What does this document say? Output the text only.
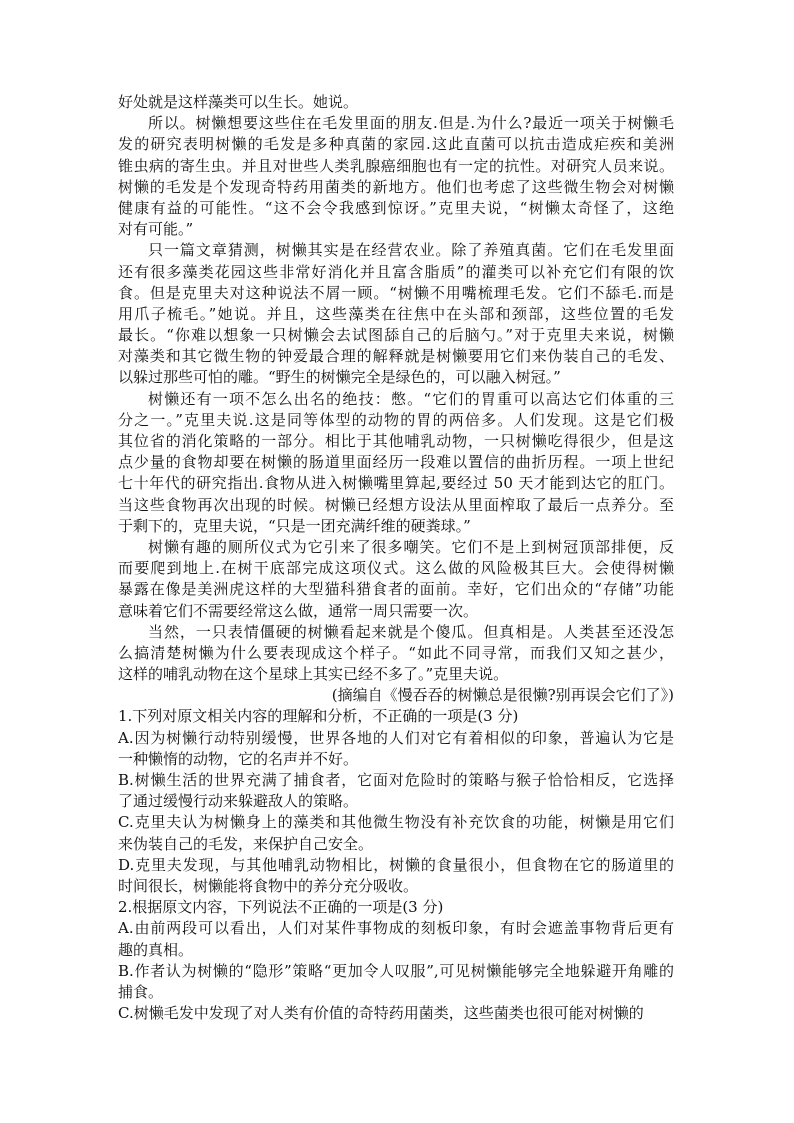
好处就是这样藻类可以生长。她说。
所以。树懒想要这些住在毛发里面的朋友.但是.为什么?最近一项关于树懒毛
发的研究表明树懒的毛发是多种真菌的家园.这此直菌可以抗击造成疟疾和美洲
锥虫病的寄生虫。并且对世些人类乳腺癌细胞也有一定的抗性。对研究人员来说。
树懒的毛发是个发现奇特药用菌类的新地方。他们也考虑了这些微生物会对树懒
健康有益的可能性。“这不会令我感到惊讶。”克里夫说，“树懒太奇怪了，这绝
对有可能。”
只一篇文章猜测，树懒其实是在经营农业。除了养殖真菌。它们在毛发里面
还有很多藻类花园这些非常好消化并且富含脂质”的灌类可以补充它们有限的饮
食。但是克里夫对这种说法不屑一顾。“树懒不用嘴梳理毛发。它们不舔毛.而是
用爪子梳毛。”她说。并且，这些藻类在往焦中在头部和颈部，这些位置的毛发
最长。“你难以想象一只树懒会去试图舔自己的后脑勺。”对于克里夫来说，树懒
对藻类和其它微生物的钟爱最合理的解释就是树懒要用它们来伪装自己的毛发、
以躲过那些可怕的雕。“野生的树懒完全是绿色的，可以融入树冠。”
树懒还有一项不怎么出名的绝技：憋。“它们的胃重可以高达它们体重的三
分之一。”克里夫说.这是同等体型的动物的胃的两倍多。人们发现。这是它们极
其位省的消化策略的一部分。相比于其他哺乳动物，一只树懒吃得很少，但是这
点少量的食物却要在树懒的肠道里面经历一段难以置信的曲折历程。一项上世纪
七十年代的研究指出.食物从进入树懒嘴里算起,要经过 50 天才能到达它的肛门。
当这些食物再次出现的时候。树懒已经想方设法从里面榨取了最后一点养分。至
于剩下的，克里夫说，“只是一团充满纤维的硬粪球。”
树懒有趣的厕所仪式为它引来了很多嘲笑。它们不是上到树冠顶部排便，反
而要爬到地上.在树干底部完成这项仪式。这么做的风险极其巨大。会使得树懒
暴露在像是美洲虎这样的大型猫科猎食者的面前。幸好，它们出众的“存储”功能
意味着它们不需要经常这么做，通常一周只需要一次。
当然，一只表情僵硬的树懒看起来就是个傻瓜。但真相是。人类甚至还没怎
么搞清楚树懒为什么要表现成这个样子。“如此不同寻常，而我们又知之甚少，
这样的哺乳动物在这个星球上其实已经不多了。”克里夫说。
(摘编自《慢吞吞的树懒总是很懒?别再误会它们了》)
1.下列对原文相关内容的理解和分析，不正确的一项是(3 分)
A.因为树懒行动特别缓慢，世界各地的人们对它有着相似的印象，普遍认为它是
一种懒惰的动物，它的名声并不好。
B.树懒生活的世界充满了捕食者，它面对危险时的策略与猴子恰恰相反，它选择
了通过缓慢行动来躲避敌人的策略。
C.克里夫认为树懒身上的藻类和其他微生物没有补充饮食的功能，树懒是用它们
来伪装自己的毛发，来保护自己安全。
D.克里夫发现，与其他哺乳动物相比，树懒的食量很小，但食物在它的肠道里的
时间很长，树懒能将食物中的养分充分吸收。
2.根据原文内容，下列说法不正确的一项是(3 分)
A.由前两段可以看出，人们对某件事物成的刻板印象，有时会遮盖事物背后更有
趣的真相。
B.作者认为树懒的“隐形”策略“更加令人叹服”,可见树懒能够完全地躲避开角雕的
捕食。
C.树懒毛发中发现了对人类有价值的奇特药用菌类，这些菌类也很可能对树懒的
